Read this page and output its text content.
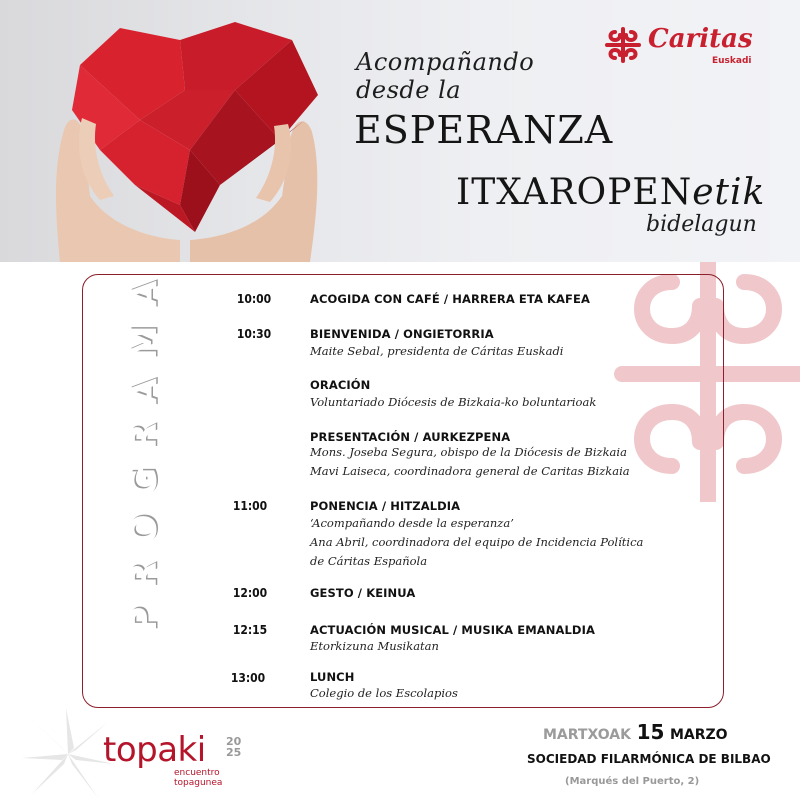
Acompañando
desde la
ESPERANZA
ITXAROPENetik
bidelagun
Caritas
Euskadi
PROGRAMA	10:00	ACOGIDA CON CAFÉ / HARRERA ETA KAFEA
10:30	BIENVENIDA / ONGIETORRIA
Maite Sebal, presidenta de Cáritas Euskadi
ORACIÓN
Voluntariado Diócesis de Bizkaia-ko boluntarioak
PRESENTACIÓN / AURKEZPENA
Mons. Joseba Segura, obispo de la Diócesis de Bizkaia
Mavi Laiseca, coordinadora general de Caritas Bizkaia
11:00	PONENCIA / HITZALDIA
‘Acompañando desde la esperanza’
Ana Abril, coordinadora del equipo de Incidencia Política
de Cáritas Española
12:00	GESTO / KEINUA
12:15	ACTUACIÓN MUSICAL / MUSIKA EMANALDIA
Etorkizuna Musikatan
13:00	LUNCH
Colegio de los Escolapios
topaki 20
25
encuentro
topagunea
MARTXOAK 15 MARZO
SOCIEDAD FILARMÓNICA DE BILBAO
(Marqués del Puerto, 2)
